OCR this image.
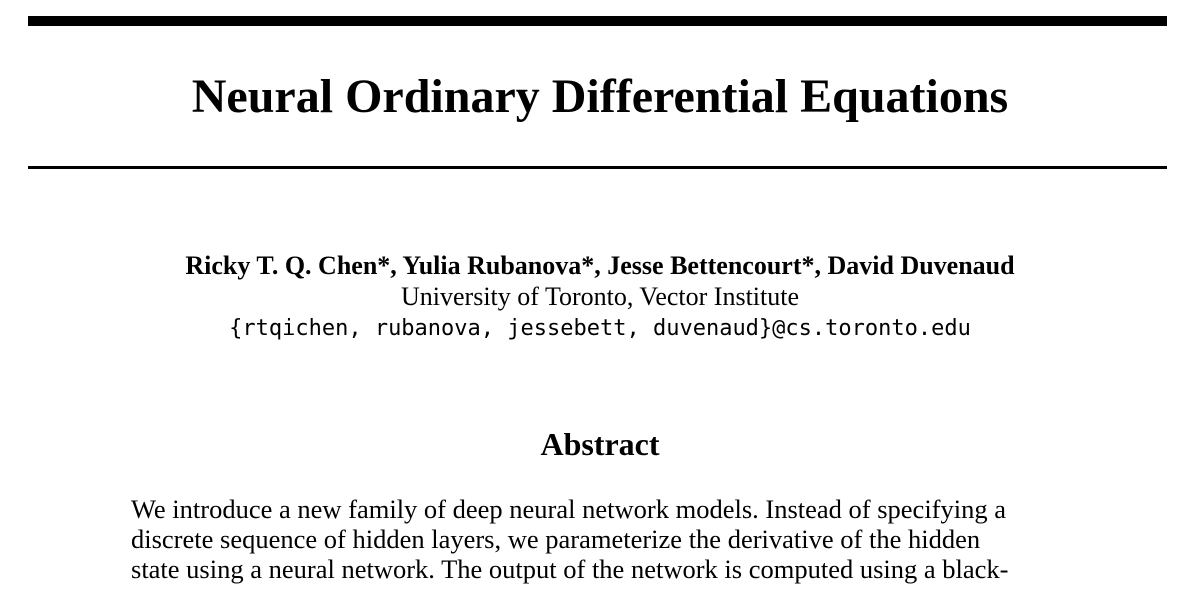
Neural Ordinary Differential Equations
Ricky T. Q. Chen*, Yulia Rubanova*, Jesse Bettencourt*, David Duvenaud
University of Toronto, Vector Institute
{rtqichen, rubanova, jessebett, duvenaud}@cs.toronto.edu
Abstract
We introduce a new family of deep neural network models. Instead of specifying a
discrete sequence of hidden layers, we parameterize the derivative of the hidden
state using a neural network. The output of the network is computed using a black-
